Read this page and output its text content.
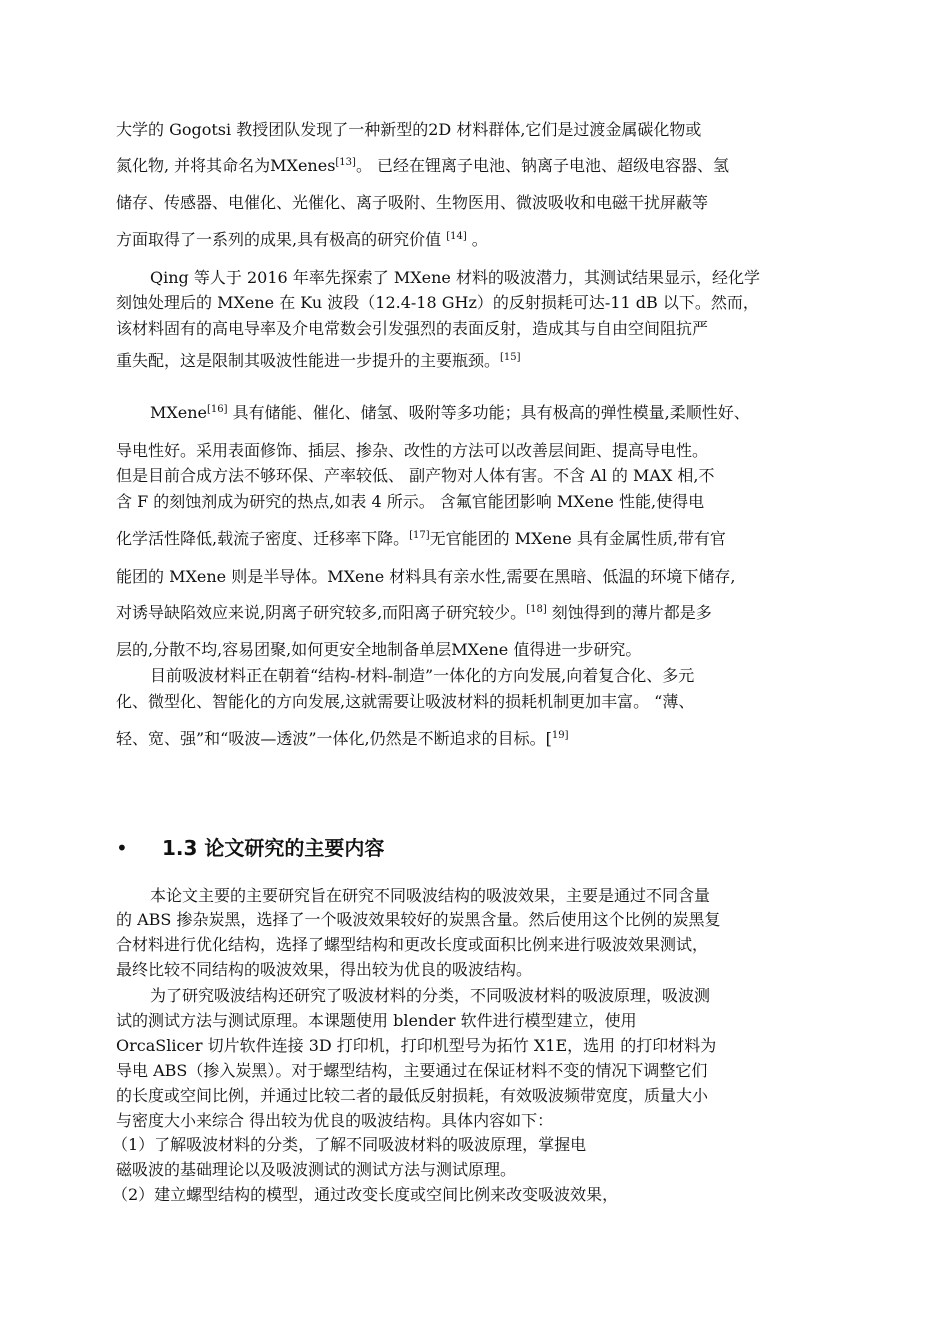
• 1.3 论文研究的主要内容
大学的 Gogotsi 教授团队发现了一种新型的2D 材料群体,它们是过渡金属碳化物或
氮化物, 并将其命名为MXenes[13]。 已经在锂离子电池、钠离子电池、超级电容器、氢
储存、传感器、电催化、光催化、离子吸附、生物医用、微波吸收和电磁干扰屏蔽等
方面取得了一系列的成果,具有极高的研究价值 [14] 。
Qing 等人于 2016 年率先探索了 MXene 材料的吸波潜力，其测试结果显示，经化学
刻蚀处理后的 MXene 在 Ku 波段（12.4-18 GHz）的反射损耗可达-11 dB 以下。然而，
该材料固有的高电导率及介电常数会引发强烈的表面反射，造成其与自由空间阻抗严
重失配，这是限制其吸波性能进一步提升的主要瓶颈。[15]
MXene[16] 具有储能、催化、储氢、吸附等多功能；具有极高的弹性模量,柔顺性好、
导电性好。采用表面修饰、插层、掺杂、改性的方法可以改善层间距、提高导电性。
但是目前合成方法不够环保、产率较低、 副产物对人体有害。不含 Al 的 MAX 相,不
含 F 的刻蚀剂成为研究的热点,如表 4 所示。 含氟官能团影响 MXene 性能,使得电
化学活性降低,载流子密度、迁移率下降。[17]无官能团的 MXene 具有金属性质,带有官
能团的 MXene 则是半导体。MXene 材料具有亲水性,需要在黑暗、低温的环境下储存,
对诱导缺陷效应来说,阴离子研究较多,而阳离子研究较少。[18] 刻蚀得到的薄片都是多
层的,分散不均,容易团聚,如何更安全地制备单层MXene 值得进一步研究。
目前吸波材料正在朝着“结构-材料-制造”一体化的方向发展,向着复合化、多元
化、微型化、智能化的方向发展,这就需要让吸波材料的损耗机制更加丰富。 “薄、
轻、宽、强”和“吸波—透波”一体化,仍然是不断追求的目标。[$^{19]}$
本论文主要的主要研究旨在研究不同吸波结构的吸波效果，主要是通过不同含量
的 ABS 掺杂炭黑，选择了一个吸波效果较好的炭黑含量。然后使用这个比例的炭黑复
合材料进行优化结构，选择了螺型结构和更改长度或面积比例来进行吸波效果测试，
最终比较不同结构的吸波效果，得出较为优良的吸波结构。
为了研究吸波结构还研究了吸波材料的分类，不同吸波材料的吸波原理，吸波测
试的测试方法与测试原理。本课题使用 blender 软件进行模型建立，使用
OrcaSlicer 切片软件连接 3D 打印机，打印机型号为拓竹 X1E，选用 的打印材料为
导电 ABS（掺入炭黑）。对于螺型结构，主要通过在保证材料不变的情况下调整它们
的长度或空间比例，并通过比较二者的最低反射损耗，有效吸波频带宽度，质量大小
与密度大小来综合 得出较为优良的吸波结构。具体内容如下：
（1）了解吸波材料的分类，了解不同吸波材料的吸波原理，掌握电
磁吸波的基础理论以及吸波测试的测试方法与测试原理。
（2）建立螺型结构的模型，通过改变长度或空间比例来改变吸波效果，
